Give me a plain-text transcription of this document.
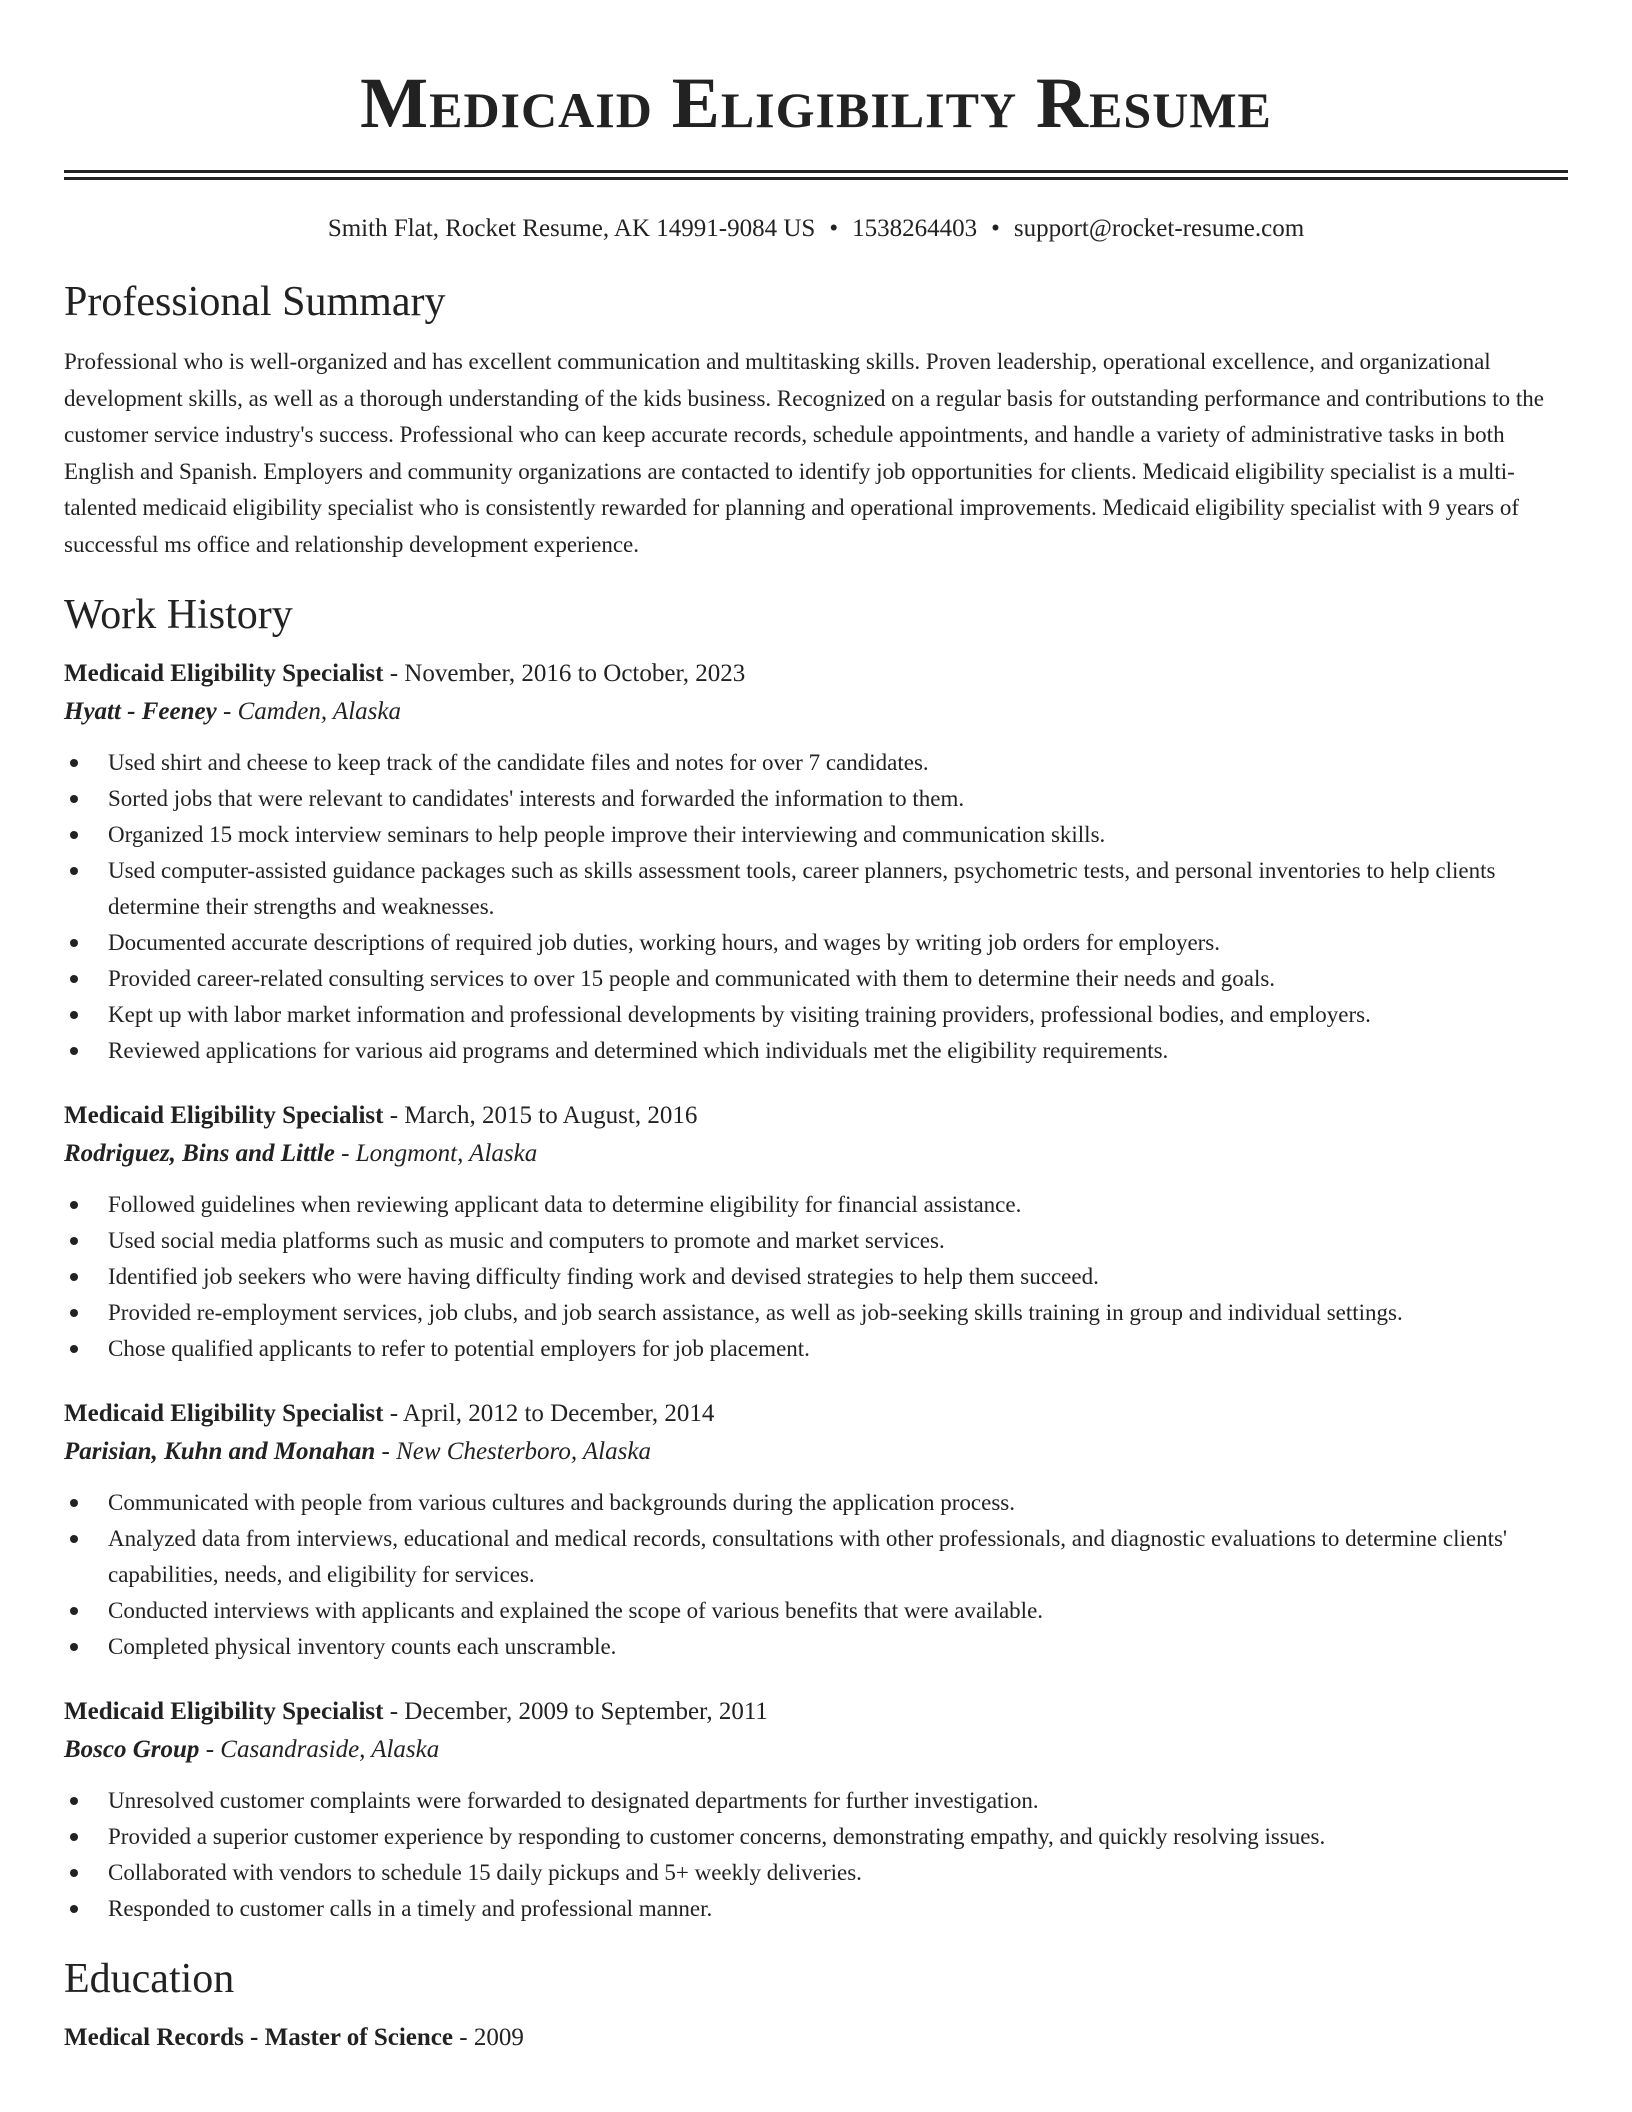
Medicaid Eligibility Resume
Smith Flat, Rocket Resume, AK 14991-9084 US • 1538264403 • support@rocket-resume.com
Professional Summary

Professional who is well-organized and has excellent communication and multitasking skills. Proven leadership, operational excellence, and organizational development skills, as well as a thorough understanding of the kids business. Recognized on a regular basis for outstanding performance and contributions to the customer service industry's success. Professional who can keep accurate records, schedule appointments, and handle a variety of administrative tasks in both English and Spanish. Employers and community organizations are contacted to identify job opportunities for clients. Medicaid eligibility specialist is a multi-talented medicaid eligibility specialist who is consistently rewarded for planning and operational improvements. Medicaid eligibility specialist with 9 years of successful ms office and relationship development experience.

Work History
Medicaid Eligibility Specialist - November, 2016 to October, 2023
Hyatt - Feeney - Camden, Alaska
Used shirt and cheese to keep track of the candidate files and notes for over 7 candidates.
Sorted jobs that were relevant to candidates' interests and forwarded the information to them.
Organized 15 mock interview seminars to help people improve their interviewing and communication skills.
Used computer-assisted guidance packages such as skills assessment tools, career planners, psychometric tests, and personal inventories to help clients determine their strengths and weaknesses.
Documented accurate descriptions of required job duties, working hours, and wages by writing job orders for employers.
Provided career-related consulting services to over 15 people and communicated with them to determine their needs and goals.
Kept up with labor market information and professional developments by visiting training providers, professional bodies, and employers.
Reviewed applications for various aid programs and determined which individuals met the eligibility requirements.
Medicaid Eligibility Specialist - March, 2015 to August, 2016
Rodriguez, Bins and Little - Longmont, Alaska
Followed guidelines when reviewing applicant data to determine eligibility for financial assistance.
Used social media platforms such as music and computers to promote and market services.
Identified job seekers who were having difficulty finding work and devised strategies to help them succeed.
Provided re-employment services, job clubs, and job search assistance, as well as job-seeking skills training in group and individual settings.
Chose qualified applicants to refer to potential employers for job placement.
Medicaid Eligibility Specialist - April, 2012 to December, 2014
Parisian, Kuhn and Monahan - New Chesterboro, Alaska
Communicated with people from various cultures and backgrounds during the application process.
Analyzed data from interviews, educational and medical records, consultations with other professionals, and diagnostic evaluations to determine clients' capabilities, needs, and eligibility for services.
Conducted interviews with applicants and explained the scope of various benefits that were available.
Completed physical inventory counts each unscramble.
Medicaid Eligibility Specialist - December, 2009 to September, 2011
Bosco Group - Casandraside, Alaska
Unresolved customer complaints were forwarded to designated departments for further investigation.
Provided a superior customer experience by responding to customer concerns, demonstrating empathy, and quickly resolving issues.
Collaborated with vendors to schedule 15 daily pickups and 5+ weekly deliveries.
Responded to customer calls in a timely and professional manner.
Education
Medical Records - Master of Science - 2009
